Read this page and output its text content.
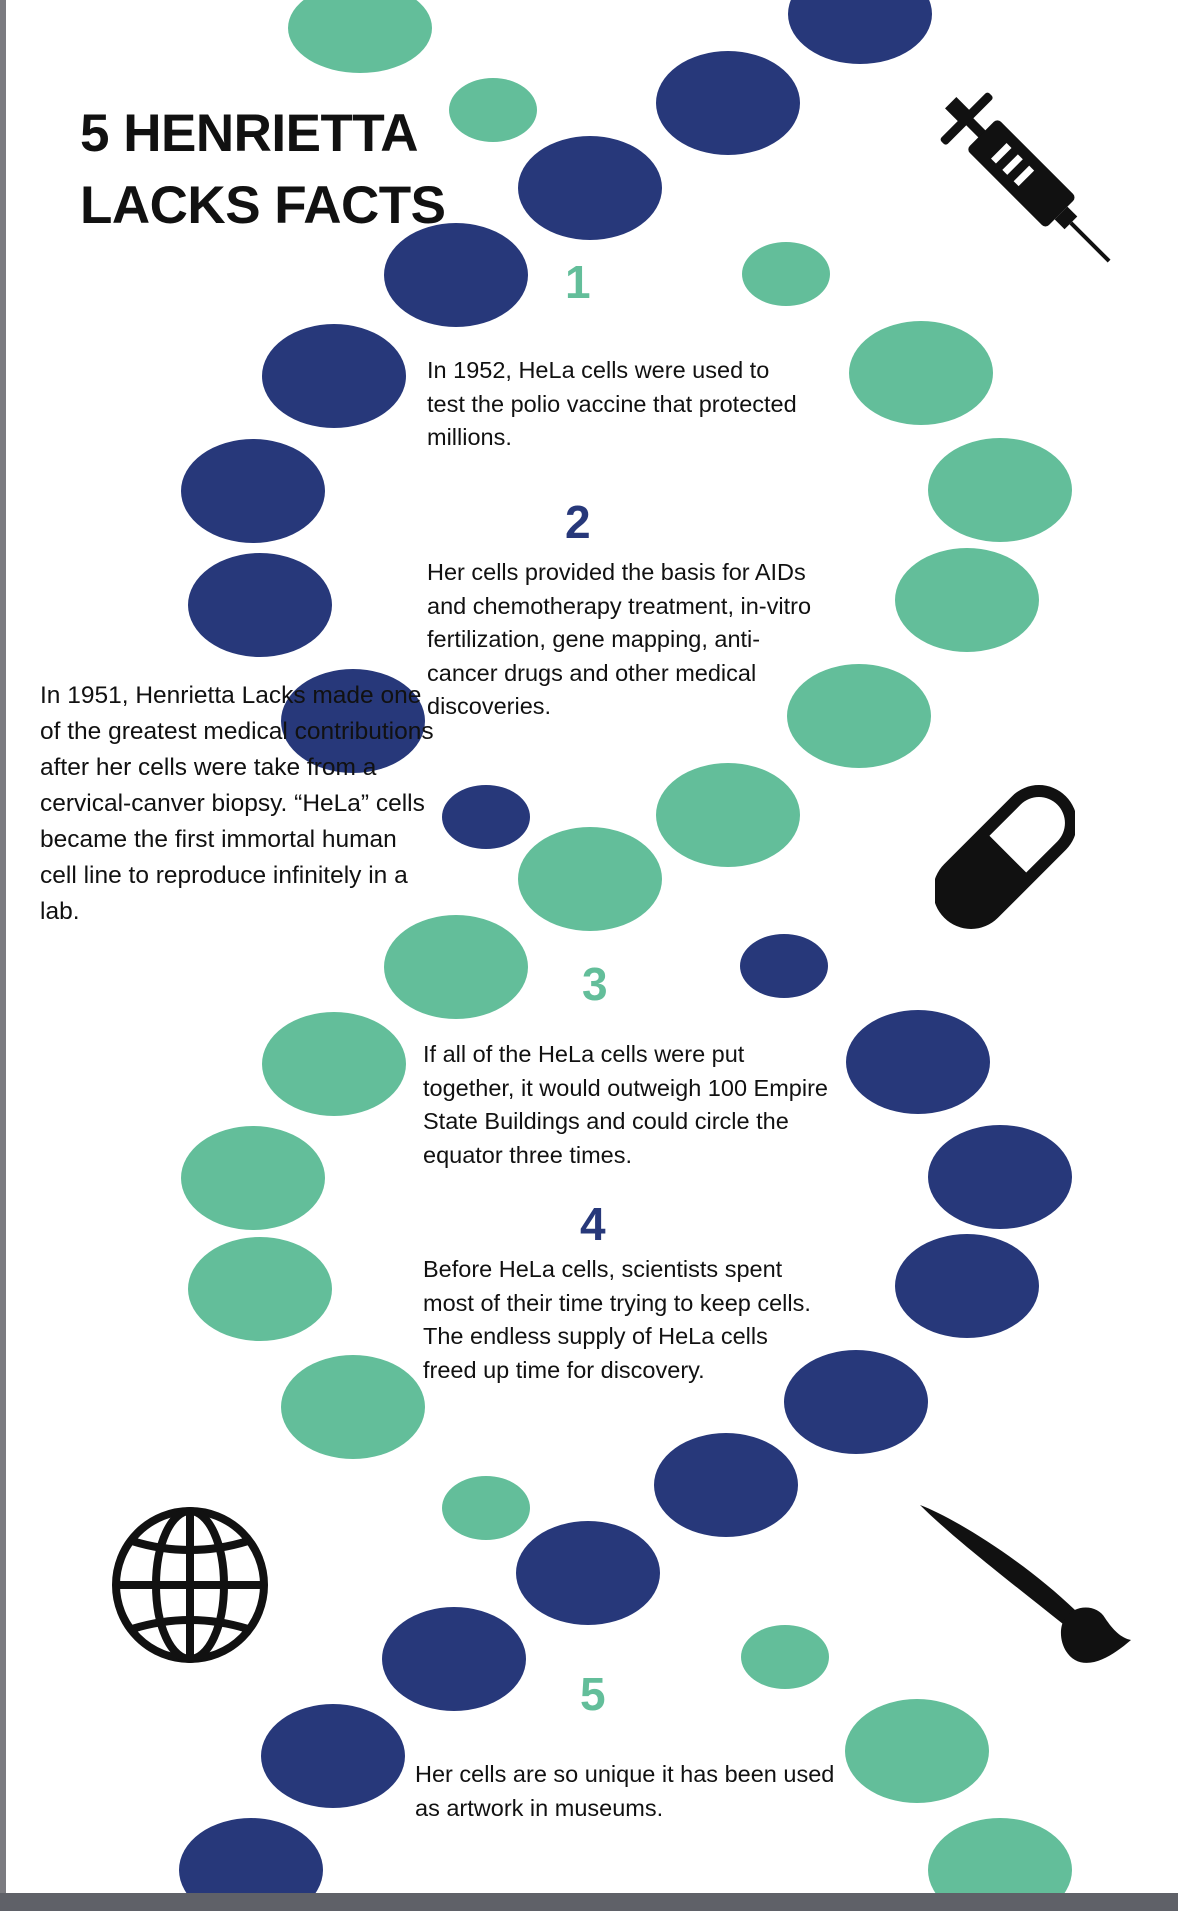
5 HENRIETTA
LACKS FACTS
1
2
3
4
5

In 1952, HeLa cells were used to test the polio vaccine that protected millions.

Her cells provided the basis for AIDs and chemotherapy treatment, in-vitro fertilization, gene mapping, anti-cancer drugs and other medical discoveries.

If all of the HeLa cells were put together, it would outweigh 100 Empire State Buildings and could circle the equator three times.

Before HeLa cells, scientists spent most of their time trying to keep cells. The endless supply of HeLa cells freed up time for discovery.

Her cells are so unique it has been used as artwork in museums.

In 1951, Henrietta Lacks made one of the greatest medical contributions after her cells were take from a cervical-canver biopsy. “HeLa” cells became the first immortal human cell line to reproduce infinitely in a lab.
